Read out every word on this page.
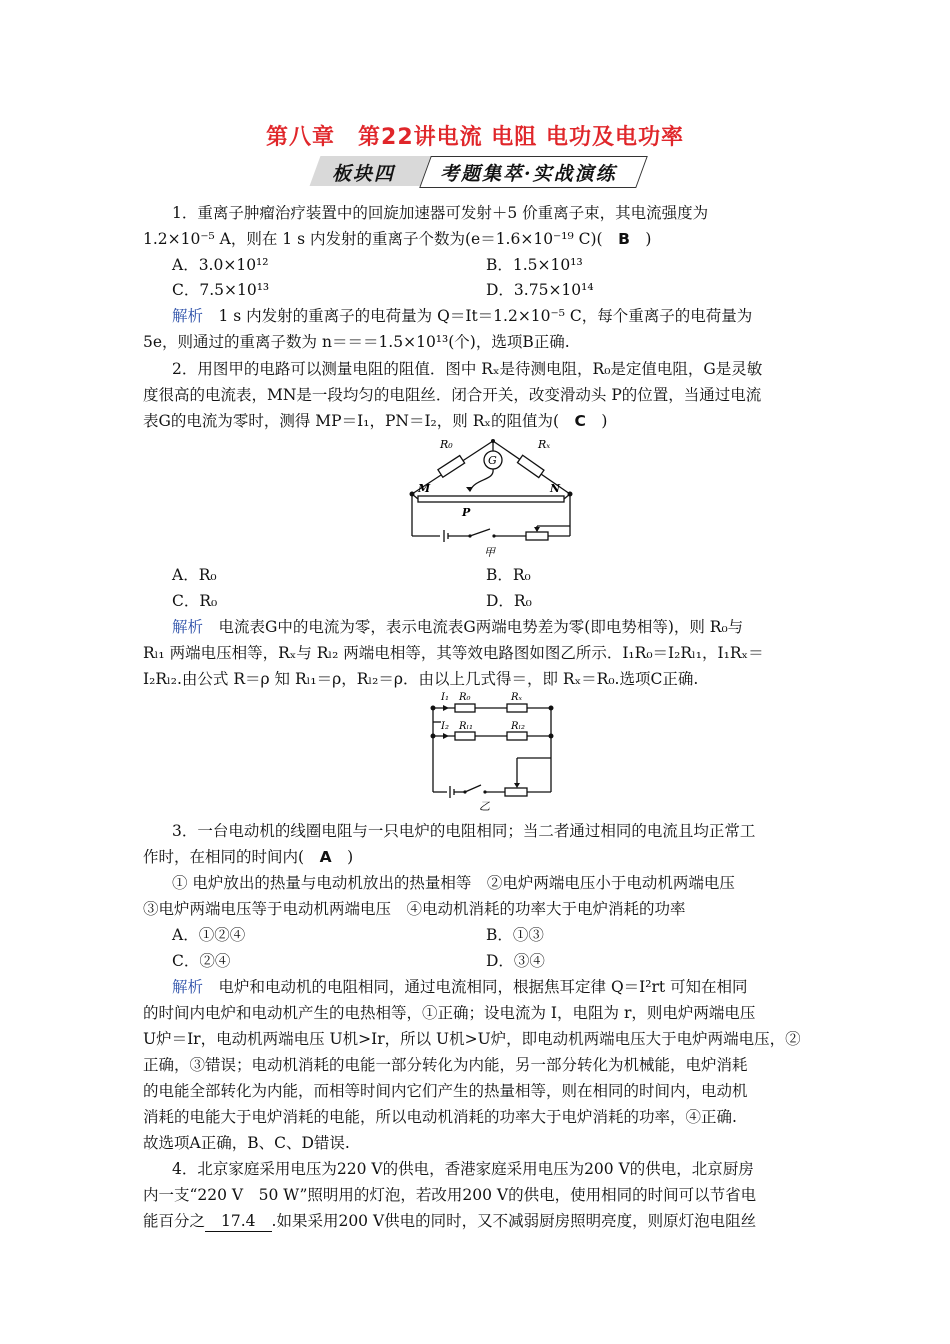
第八章　第22讲电流 电阻 电功及电功率
板块四 考题集萃·实战演练
1．重离子肿瘤治疗装置中的回旋加速器可发射＋5 价重离子束，其电流强度为
1.2×10⁻⁵ A，则在 1 s 内发射的重离子个数为(e＝1.6×10⁻¹⁹ C)(　 B　 )
A．3.0×10¹²	B．1.5×10¹³
C．7.5×10¹³	D．3.75×10¹⁴
解析　1 s 内发射的重离子的电荷量为 Q＝It＝1.2×10⁻⁵ C，每个重离子的电荷量为
5e，则通过的重离子数为 n＝＝＝1.5×10¹³(个)，选项B正确.
2．用图甲的电路可以测量电阻的阻值．图中 Rₓ是待测电阻，R₀是定值电阻，G是灵敏
度很高的电流表，MN是一段均匀的电阻丝．闭合开关，改变滑动头 P的位置，当通过电流
表G的电流为零时，测得 MP＝I₁，PN＝I₂，则 Rₓ的阻值为(　 C　 )
R₀	Rₓ
G
M	N
P
甲
A．R₀	B．R₀
C．R₀	D．R₀
解析　电流表G中的电流为零，表示电流表G两端电势差为零(即电势相等)，则 R₀与
Rₗ₁ 两端电压相等，Rₓ与 Rₗ₂ 两端电相等，其等效电路图如图乙所示．I₁R₀＝I₂Rₗ₁，I₁Rₓ＝
I₂Rₗ₂.由公式 R＝ρ 知 Rₗ₁＝ρ，Rₗ₂＝ρ．由以上几式得＝，即 Rₓ＝R₀.选项C正确.
I₁ R₀	Rₓ
I₂ Rₗ₁	Rₗ₂
乙
3．一台电动机的线圈电阻与一只电炉的电阻相同；当二者通过相同的电流且均正常工
作时，在相同的时间内(　 A　 )
① 电炉放出的热量与电动机放出的热量相等　②电炉两端电压小于电动机两端电压
③电炉两端电压等于电动机两端电压　④电动机消耗的功率大于电炉消耗的功率
A．①②④	B．①③
C．②④	D．③④
解析　电炉和电动机的电阻相同，通过电流相同，根据焦耳定律 Q＝I²rt 可知在相同
的时间内电炉和电动机产生的电热相等，①正确；设电流为 I，电阻为 r，则电炉两端电压
U炉＝Ir，电动机两端电压 U机>Ir，所以 U机>U炉，即电动机两端电压大于电炉两端电压，②
正确，③错误；电动机消耗的电能一部分转化为内能，另一部分转化为机械能，电炉消耗
的电能全部转化为内能，而相等时间内它们产生的热量相等，则在相同的时间内，电动机
消耗的电能大于电炉消耗的电能，所以电动机消耗的功率大于电炉消耗的功率，④正确.
故选项A正确，B、C、D错误.
4．北京家庭采用电压为220 V的供电，香港家庭采用电压为200 V的供电，北京厨房
内一支“220 V　50 W”照明用的灯泡，若改用200 V的供电，使用相同的时间可以节省电
能百分之 17.4 .如果采用200 V供电的同时，又不减弱厨房照明亮度，则原灯泡电阻丝
